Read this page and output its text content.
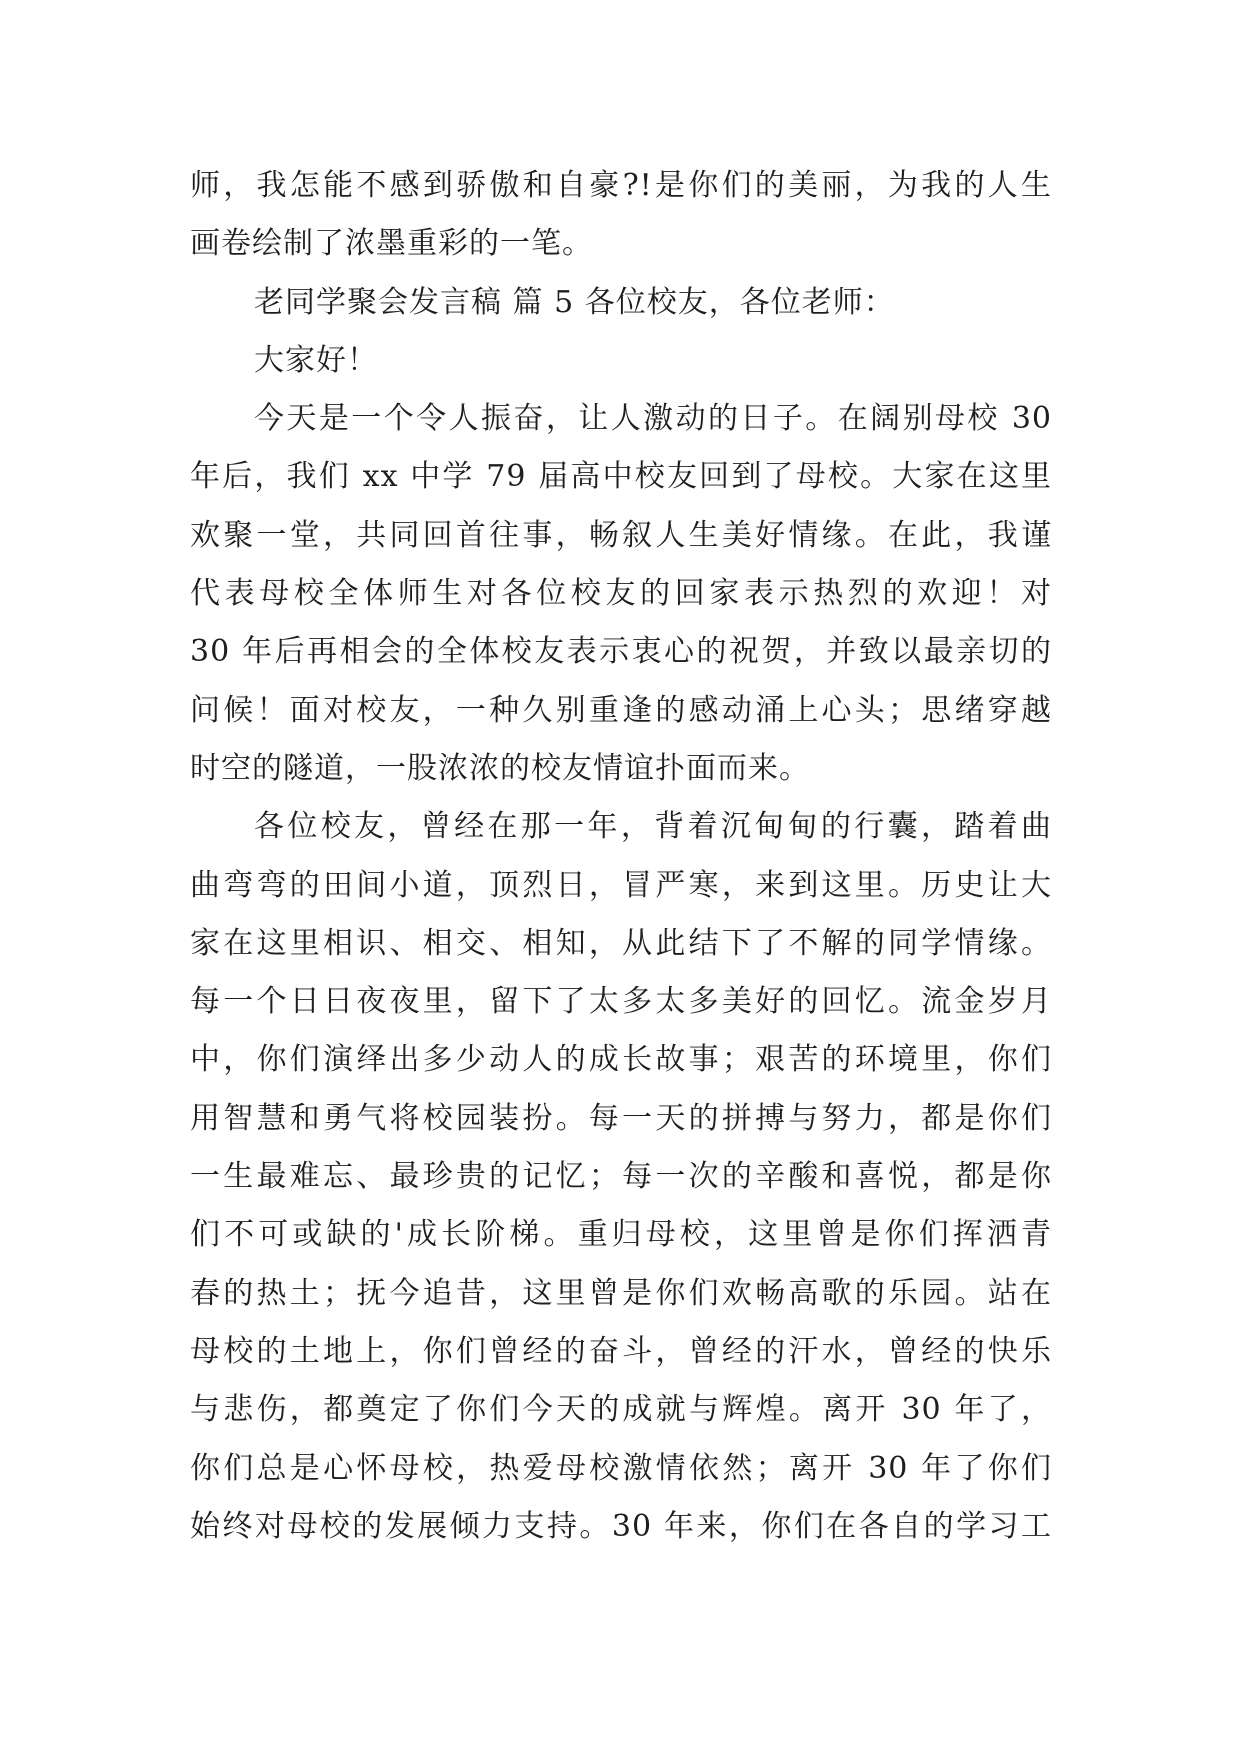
师，我怎能不感到骄傲和自豪?!是你们的美丽，为我的人生
画卷绘制了浓墨重彩的一笔。
老同学聚会发言稿 篇 5 各位校友，各位老师：
大家好！
今天是一个令人振奋，让人激动的日子。在阔别母校 30
年后，我们 xx 中学 79 届高中校友回到了母校。大家在这里
欢聚一堂，共同回首往事，畅叙人生美好情缘。在此，我谨
代表母校全体师生对各位校友的回家表示热烈的欢迎！对
30 年后再相会的全体校友表示衷心的祝贺，并致以最亲切的
问候！面对校友，一种久别重逢的感动涌上心头；思绪穿越
时空的隧道，一股浓浓的校友情谊扑面而来。
各位校友，曾经在那一年，背着沉甸甸的行囊，踏着曲
曲弯弯的田间小道，顶烈日，冒严寒，来到这里。历史让大
家在这里相识、相交、相知，从此结下了不解的同学情缘。
每一个日日夜夜里，留下了太多太多美好的回忆。流金岁月
中，你们演绎出多少动人的成长故事；艰苦的环境里，你们
用智慧和勇气将校园装扮。每一天的拼搏与努力，都是你们
一生最难忘、最珍贵的记忆；每一次的辛酸和喜悦，都是你
们不可或缺的'成长阶梯。重归母校，这里曾是你们挥洒青
春的热土；抚今追昔，这里曾是你们欢畅高歌的乐园。站在
母校的土地上，你们曾经的奋斗，曾经的汗水，曾经的快乐
与悲伤，都奠定了你们今天的成就与辉煌。离开 30 年了，
你们总是心怀母校，热爱母校激情依然；离开 30 年了你们
始终对母校的发展倾力支持。30 年来，你们在各自的学习工
